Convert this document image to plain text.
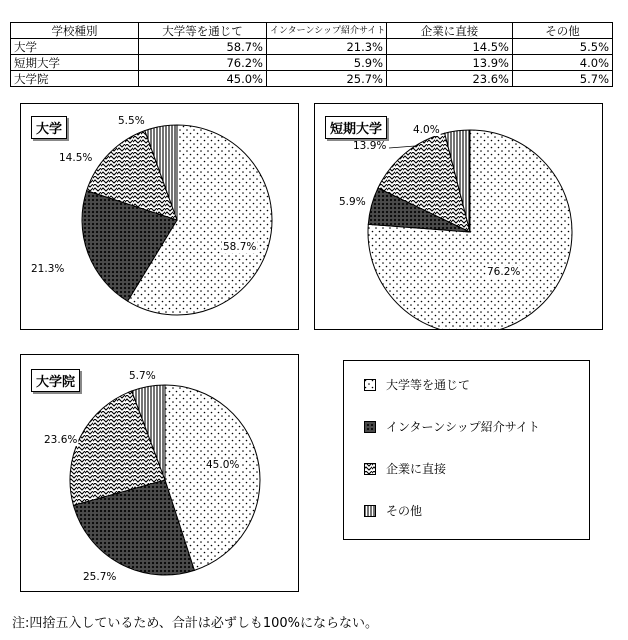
学校種別	大学等を通じて	インターンシップ紹介サイト	企業に直接	その他
大学	58.7%	21.3%	14.5%	5.5%
短期大学	76.2%	5.9%	13.9%	4.0%
大学院	45.0%	25.7%	23.6%	5.7%
58.7%
21.3%
14.5%
5.5%
大学
76.2%
5.9%
13.9%
4.0%
短期大学
45.0%
25.7%
23.6%
5.7%
大学院	大学等を通じて
インターンシップ紹介サイト
企業に直接
その他
注:四捨五入しているため、合計は必ずしも100%にならない。
